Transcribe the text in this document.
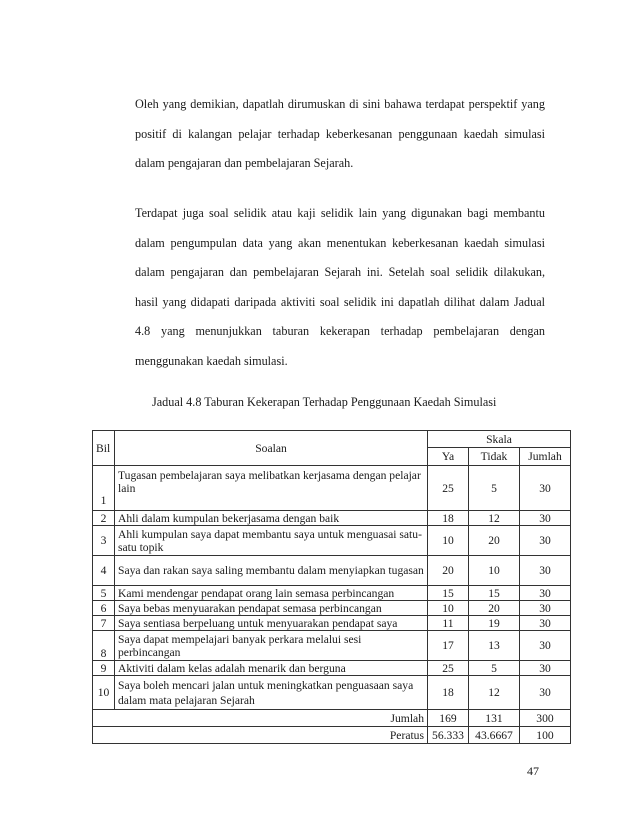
Oleh yang demikian, dapatlah dirumuskan di sini bahawa terdapat perspektif yang positif di kalangan pelajar terhadap keberkesanan penggunaan kaedah simulasi dalam pengajaran dan pembelajaran Sejarah.

Terdapat juga soal selidik atau kaji selidik lain yang digunakan bagi membantu dalam pengumpulan data yang akan menentukan keberkesanan kaedah simulasi dalam pengajaran dan pembelajaran Sejarah ini. Setelah soal selidik dilakukan, hasil yang didapati daripada aktiviti soal selidik ini dapatlah dilihat dalam Jadual 4.8 yang menunjukkan taburan kekerapan terhadap pembelajaran dengan menggunakan kaedah simulasi.

Jadual 4.8 Taburan Kekerapan Terhadap Penggunaan Kaedah Simulasi

Bil	Soalan	Skala		
		Ya	Tidak	Jumlah
1	Tugasan pembelajaran saya melibatkan kerjasama dengan pelajar lain	25	5	30
2	Ahli dalam kumpulan bekerjasama dengan baik	18	12	30
3	Ahli kumpulan saya dapat membantu saya untuk menguasai satu-satu topik	10	20	30
4	Saya dan rakan saya saling membantu dalam menyiapkan tugasan	20	10	30
5	Kami mendengar pendapat orang lain semasa perbincangan	15	15	30
6	Saya bebas menyuarakan pendapat semasa perbincangan	10	20	30
7	Saya sentiasa berpeluang untuk menyuarakan pendapat saya	11	19	30
8	Saya dapat mempelajari banyak perkara melalui sesi perbincangan	17	13	30
9	Aktiviti dalam kelas adalah menarik dan berguna	25	5	30
10	Saya boleh mencari jalan untuk meningkatkan penguasaan saya dalam mata pelajaran Sejarah	18	12	30
Jumlah		169	131	300
Peratus		56.333	43.6667	100
47
